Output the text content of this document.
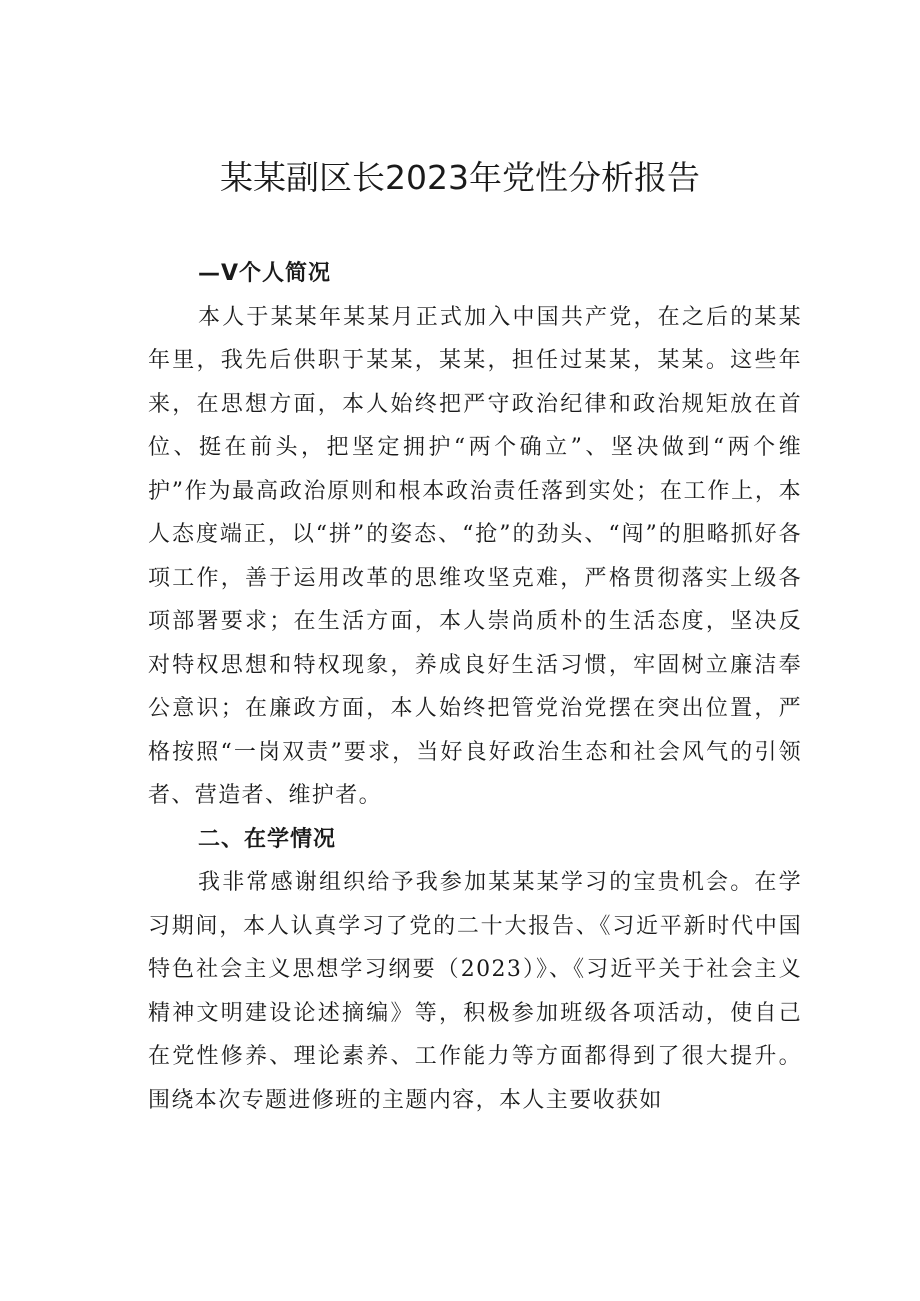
某某副区长2023年党性分析报告
—V个人简况

本人于某某年某某月正式加入中国共产党，在之后的某某年里，我先后供职于某某，某某，担任过某某，某某。这些年来，在思想方面，本人始终把严守政治纪律和政治规矩放在首位、挺在前头，把坚定拥护“两个确立”、坚决做到“两个维护”作为最高政治原则和根本政治责任落到实处；在工作上，本人态度端正，以“拼”的姿态、“抢”的劲头、“闯”的胆略抓好各项工作，善于运用改革的思维攻坚克难，严格贯彻落实上级各项部署要求；在生活方面，本人崇尚质朴的生活态度，坚决反对特权思想和特权现象，养成良好生活习惯，牢固树立廉洁奉公意识；在廉政方面，本人始终把管党治党摆在突出位置，严格按照“一岗双责”要求，当好良好政治生态和社会风气的引领者、营造者、维护者。

二、在学情况

我非常感谢组织给予我参加某某某学习的宝贵机会。在学习期间，本人认真学习了党的二十大报告、《习近平新时代中国特色社会主义思想学习纲要（2023）》、《习近平关于社会主义精神文明建设论述摘编》等，积极参加班级各项活动，使自己在党性修养、理论素养、工作能力等方面都得到了很大提升。围绕本次专题进修班的主题内容，本人主要收获如
